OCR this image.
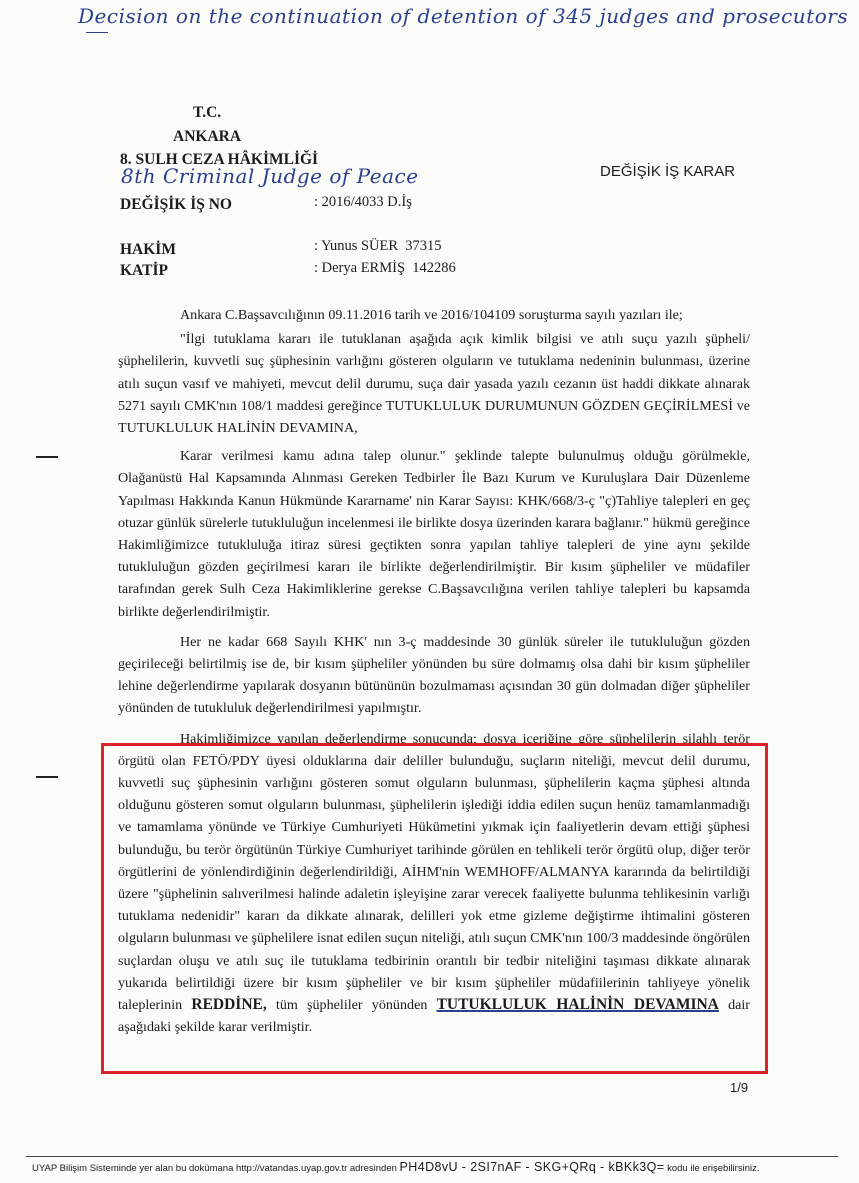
Decision on the continuation of detention of 345 judges and prosecutors
T.C.
ANKARA
8. SULH CEZA HÂKİMLİĞİ
8th Criminal Judge of Peace	DEĞİŞİK İŞ KARAR
DEĞİŞİK İŞ NO	: 2016/4033 D.İş
HAKİM	: Yunus SÜER  37315
KATİP	: Derya ERMİŞ  142286

Ankara C.Başsavcılığının 09.11.2016 tarih ve 2016/104109 soruşturma sayılı yazıları ile;

"İlgi tutuklama kararı ile tutuklanan aşağıda açık kimlik bilgisi ve atılı suçu yazılı şüpheli/şüphelilerin, kuvvetli suç şüphesinin varlığını gösteren olguların ve tutuklama nedeninin bulunması, üzerine atılı suçun vasıf ve mahiyeti, mevcut delil durumu, suça dair yasada yazılı cezanın üst haddi dikkate alınarak 5271 sayılı CMK'nın 108/1 maddesi gereğince TUTUKLULUK DURUMUNUN GÖZDEN GEÇİRİLMESİ ve TUTUKLULUK HALİNİN DEVAMINA,

Karar verilmesi kamu adına talep olunur." şeklinde talepte bulunulmuş olduğu görülmekle, Olağanüstü Hal Kapsamında Alınması Gereken Tedbirler İle Bazı Kurum ve Kuruluşlara Dair Düzenleme Yapılması Hakkında Kanun Hükmünde Kararname' nin Karar Sayısı: KHK/668/3-ç "ç)Tahliye talepleri en geç otuzar günlük sürelerle tutukluluğun incelenmesi ile birlikte dosya üzerinden karara bağlanır." hükmü gereğince Hakimliğimizce tutukluluğa itiraz süresi geçtikten sonra yapılan tahliye talepleri de yine aynı şekilde tutukluluğun gözden geçirilmesi kararı ile birlikte değerlendirilmiştir. Bir kısım şüpheliler ve müdafiler tarafından gerek Sulh Ceza Hakimliklerine gerekse C.Başsavcılığına verilen tahliye talepleri bu kapsamda birlikte değerlendirilmiştir.

Her ne kadar 668 Sayılı KHK' nın 3-ç maddesinde 30 günlük süreler ile tutukluluğun gözden geçirileceği belirtilmiş ise de, bir kısım şüpheliler yönünden bu süre dolmamış olsa dahi bir kısım şüpheliler lehine değerlendirme yapılarak dosyanın bütününün bozulmaması açısından 30 gün dolmadan diğer şüpheliler yönünden de tutukluluk değerlendirilmesi yapılmıştır.

Hakimliğimizce yapılan değerlendirme sonucunda; dosya içeriğine göre şüphelilerin silahlı terör örgütü olan FETÖ/PDY üyesi olduklarına dair deliller bulunduğu, suçların niteliği, mevcut delil durumu, kuvvetli suç şüphesinin varlığını gösteren somut olguların bulunması, şüphelilerin kaçma şüphesi altında olduğunu gösteren somut olguların bulunması, şüphelilerin işlediği iddia edilen suçun henüz tamamlanmadığı ve tamamlama yönünde ve Türkiye Cumhuriyeti Hükümetini yıkmak için faaliyetlerin devam ettiği şüphesi bulunduğu, bu terör örgütünün Türkiye Cumhuriyet tarihinde görülen en tehlikeli terör örgütü olup, diğer terör örgütlerini de yönlendirdiğinin değerlendirildiği, AİHM'nin WEMHOFF/ALMANYA kararında da belirtildiği üzere "şüphelinin salıverilmesi halinde adaletin işleyişine zarar verecek faaliyette bulunma tehlikesinin varlığı tutuklama nedenidir" kararı da dikkate alınarak, delilleri yok etme gizleme değiştirme ihtimalini gösteren olguların bulunması ve şüphelilere isnat edilen suçun niteliği, atılı suçun CMK'nın 100/3 maddesinde öngörülen suçlardan oluşu ve atılı suç ile tutuklama tedbirinin orantılı bir tedbir niteliğini taşıması dikkate alınarak yukarıda belirtildiği üzere bir kısım şüpheliler ve bir kısım şüpheliler müdafiilerinin tahliyeye yönelik taleplerinin REDDİNE, tüm şüpheliler yönünden TUTUKLULUK HALİNİN DEVAMINA dair aşağıdaki şekilde karar verilmiştir.

1/9
UYAP Bilişim Sisteminde yer alan bu dokümana http://vatandas.uyap.gov.tr adresinden PH4D8vU - 2SI7nAF - SKG+QRq - kBKk3Q= kodu ile erişebilirsiniz.
